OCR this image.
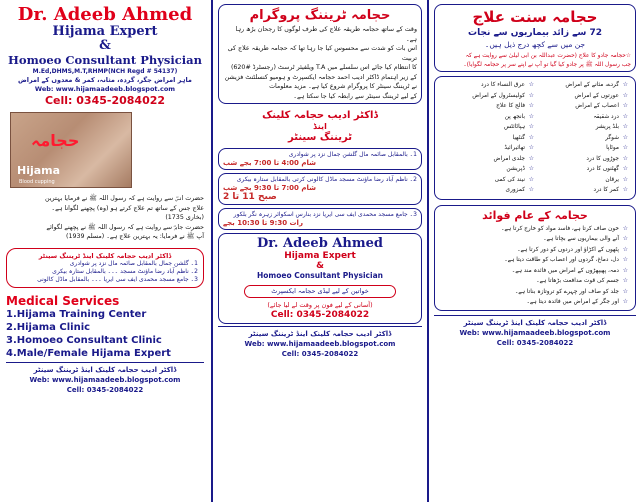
Dr. Adeeb Ahmed
Hijama Expert
&
Homoeo Consultant Physician
M.Ed,DHMS,M.T,RHMP(NCH Regd # 54137)
ماہر امراض جگر، گردہ، مثانہ، کمر & معدوں کے امراض
Web: www.hijamaadeeb.blogspot.com
Cell: 0345-2084022
حجامہ
Hijama
Blood cupping
حضرت انسؓ سے روایت ہے کہ رسول اللہ ﷺ نے فرمایا بہترین
علاج جس کے ساتھ تم علاج کرتے ہو (وہ) پچھنے لگوانا ہے۔
(بخاری 1735)
حضرت جابرؓ سے روایت ہے کہ رسول اللہ ﷺ نے پچھنے لگوائے
آپ ﷺ نے فرمایا: یہ بہترین علاج ہے۔ (مسلم 1939)
ڈاکٹر ادیب حجامہ کلینک اینڈ ٹریننگ سینٹر
1۔ گلشن جمال بالمقابل صائمہ مال نزد پر شوادری
2۔ ناظم آباد رضا ماؤنٹ مسجد ۔۔۔ بالمقابل ستارہ بیکری
3۔ جامع مسجد محمدی ایف سی ایریا ۔۔۔ بالمقابل ماڈل کالونی
Medical Services
1.Hijama Training Center
2.Hijama Clinic
3.Homoeo Consultant Clinic
4.Male/Female Hijama Expert
ڈاکٹر ادیب حجامہ کلینک اینڈ ٹریننگ سینٹر
Web: www.hijamaadeeb.blogspot.com
Cell: 0345-2084022
حجامہ ٹریننگ پروگرام
وقت کے ساتھ حجامہ طریقہ علاج کی طرف لوگوں کا رجحان بڑھ رہا ہے۔
اس بات کو شدت سے محسوس کیا جا رہا تھا کہ حجامہ طریقہ علاج کی تربیت
کا انتظام کیا جائے اس سلسلے میں T.A ویلفیئر ٹرسٹ (رجسٹرڈ #620)
کے زیر اہتمام ڈاکٹر ادیب احمد حجامہ ایکسپرٹ و ہومیو کنسلٹنٹ فزیشن
نے ٹریننگ سینٹر کا پروگرام شروع کیا ہے۔ مزید معلومات
کے لیے ٹریننگ سینٹر سے رابطہ کیا جا سکتا ہے۔
ڈاکٹر ادیب حجامہ کلینک
اینڈ
ٹریننگ سینٹر
1۔ بالمقابل صائمہ مال گلشن جمال نزد پر شوادری
شام 4:00 تا 7:00 بجے شب
2۔ ناظم آباد رضا ماؤنٹ مسجد ماڈل کالونی کرتی بالمقابل ستارہ بیکری
شام 7:00 تا 9:30 بجے شب
صبح 11 تا 2
3۔ جامع مسجد محمدی ایف سی ایریا نزد بنارس اسکوائر زہرہ نگر بلکور
رات 9:30 تا 10:30 بجے
Dr. Adeeb Ahmed
Hijama Expert
&
Homoeo Consultant Physician
خواتین کے لیے لیڈی حجامہ ایکسپرٹ
(آسانی کے لیے فون پر وقت لے لیا جائے)
Cell: 0345-2084022
ڈاکٹر ادیب حجامہ کلینک اینڈ ٹریننگ سینٹر
Web: www.hijamaadeeb.blogspot.com
Cell: 0345-2084022
حجامہ سنت علاج
72 سے زائد بیماریوں سے نجات
جن میں سے کچھ درج ذیل ہیں۔
☆حجامہ جادو کا علاج (حضرت عبداللہ بن ابی لیلیٰ سے روایت ہے کہ
جب رسول اللہ ﷺ پر جادو کیا گیا تو آپ نے اپنے سر پر حجامہ لگوایا)۔
☆ گردے، مثانے کے امراض
☆ عورتوں کے امراض
☆ اعصاب کے امراض
☆ درد شقیقہ
☆ بلڈ پریشر
☆ شوگر
☆ موٹاپا
☆ جوڑوں کا درد
☆ گھٹنوں کا درد
☆ یرقان
☆ کمر کا درد
☆ عرق النساء کا درد
☆ کولیسٹرول کے امراض
☆ فالج کا علاج
☆ بانجھ پن
☆ ہپاٹائٹس
☆ گنٹھیا
☆ تھائیرائیڈ
☆ جلدی امراض
☆ ڈپریشن
☆ نیند کی کمی
☆ کمزوری
حجامہ کے عام فوائد
☆ خون صاف کرتا ہے، فاسد مواد کو خارج کرتا ہے۔
☆ آنے والی بیماریوں سے بچاتا ہے۔
☆ پٹھوں کے اکڑاؤ اور دردوں کو دور کرتا ہے۔
☆ دل، دماغ، گردوں اور اعصاب کو طاقت دیتا ہے۔
☆ دمہ، پھیپھڑوں کے امراض میں فائدہ مند ہے۔
☆ جسم کی قوت مدافعت بڑھاتا ہے۔
☆ جلد کو صاف اور چہرے کو تروتازہ بناتا ہے۔
☆ اور جگر کے امراض میں فائدہ دیتا ہے۔
ڈاکٹر ادیب حجامہ کلینک اینڈ ٹریننگ سینٹر
Web: www.hijamaadeeb.blogspot.com
Cell: 0345-2084022
